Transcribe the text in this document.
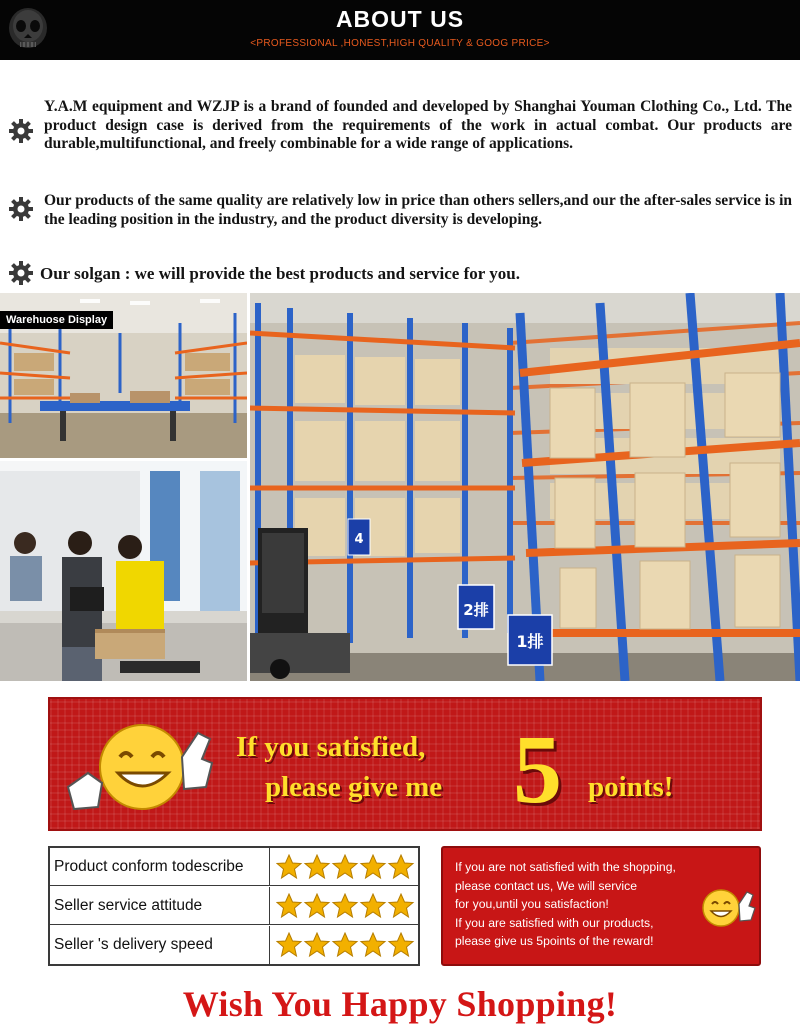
ABOUT US
<PROFESSIONAL ,HONEST,HIGH QUALITY & GOOG PRICE>
Y.A.M equipment and WZJP is a brand of founded and developed by Shanghai Youman Clothing Co., Ltd. The product design case is derived from the requirements of the work in actual combat. Our products are durable,multifunctional, and freely combinable for a wide range of applications.
Our products of the same quality are relatively low in price than others sellers,and our the after-sales service is in the leading position in the industry, and the product diversity is developing.
Our solgan : we will provide the best products and service for you.
Warehuose Display
2排
1排
4
If you satisfied,
please give me 5 points!
Product conform todescribe
Seller service attitude
Seller 's delivery speed
If you are not satisfied with the shopping,
please contact us, We will service
for you,until you satisfaction!
If you are satisfied with our products,
please give us 5points of the reward!
Wish You Happy Shopping!
